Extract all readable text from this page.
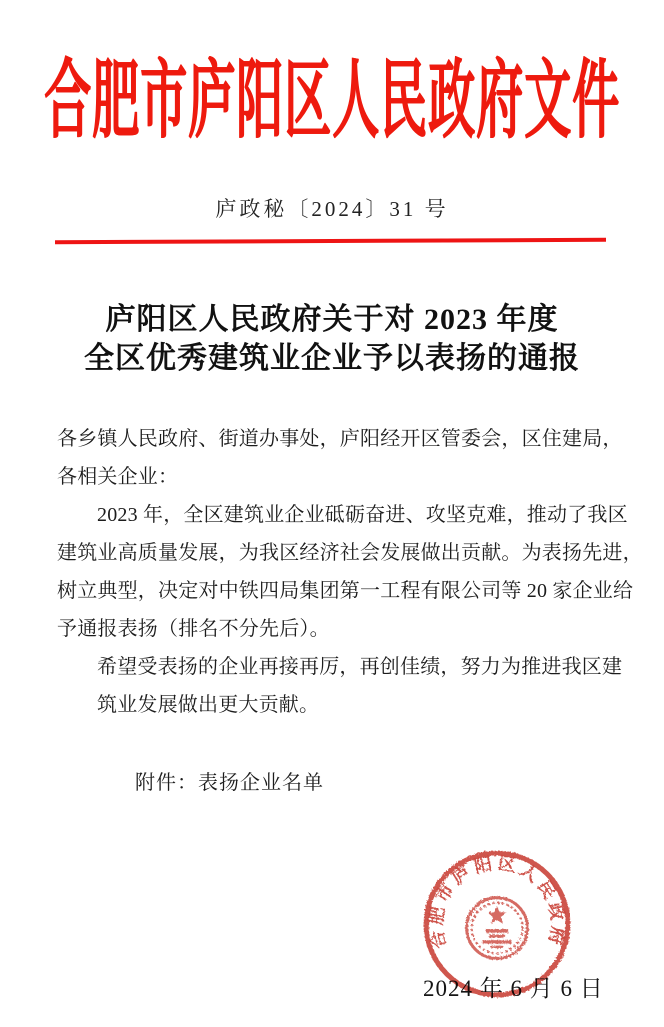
合肥市庐阳区人民政府文件
庐政秘〔2024〕31 号
庐阳区人民政府关于对 2023 年度
全区优秀建筑业企业予以表扬的通报
各乡镇人民政府、街道办事处，庐阳经开区管委会，区住建局，
各相关企业：
2023 年，全区建筑业企业砥砺奋进、攻坚克难，推动了我区
建筑业高质量发展，为我区经济社会发展做出贡献。为表扬先进，
树立典型，决定对中铁四局集团第一工程有限公司等 20 家企业给
予通报表扬（排名不分先后）。
希望受表扬的企业再接再厉，再创佳绩，努力为推进我区建
筑业发展做出更大贡献。
附件：表扬企业名单
2024 年 6 月 6 日
合肥市庐阳区人民政府
